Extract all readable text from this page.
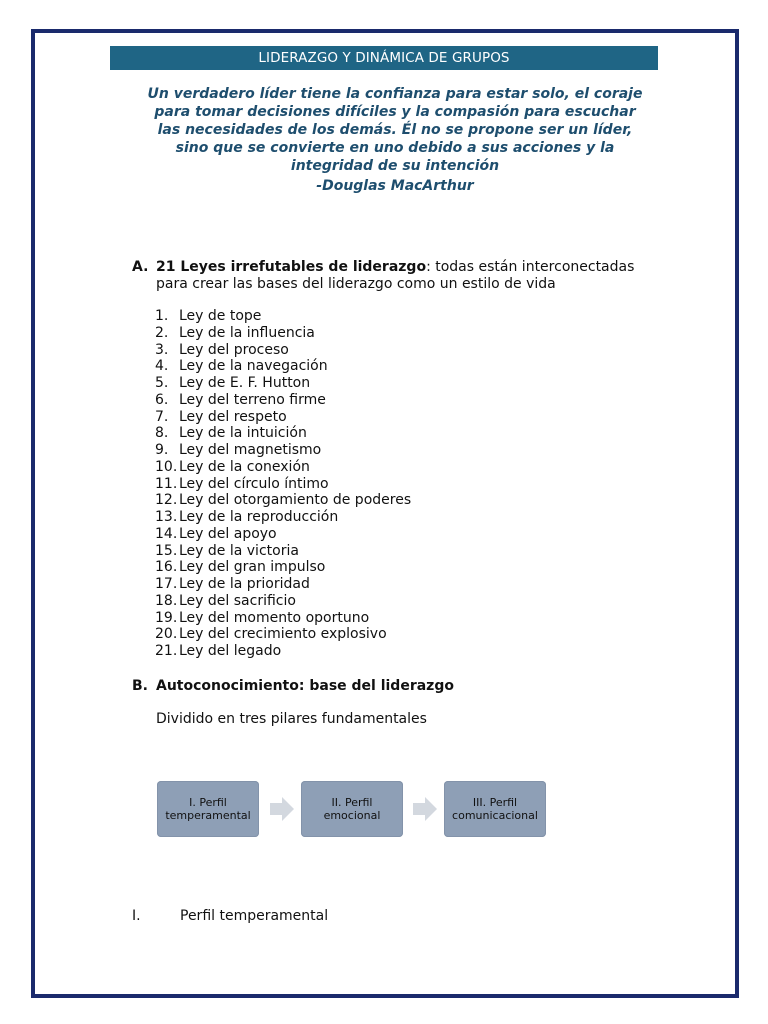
LIDERAZGO Y DINÁMICA DE GRUPOS
Un verdadero líder tiene la confianza para estar solo, el coraje
para tomar decisiones difíciles y la compasión para escuchar
las necesidades de los demás. Él no se propone ser un líder,
sino que se convierte en uno debido a sus acciones y la
integridad de su intención
-Douglas MacArthur
A. 21 Leyes irrefutables de liderazgo: todas están interconectadas
para crear las bases del liderazgo como un estilo de vida
1. Ley de tope
2. Ley de la influencia
3. Ley del proceso
4. Ley de la navegación
5. Ley de E. F. Hutton
6. Ley del terreno firme
7. Ley del respeto
8. Ley de la intuición
9. Ley del magnetismo
10. Ley de la conexión
11. Ley del círculo íntimo
12. Ley del otorgamiento de poderes
13. Ley de la reproducción
14. Ley del apoyo
15. Ley de la victoria
16. Ley del gran impulso
17. Ley de la prioridad
18. Ley del sacrificio
19. Ley del momento oportuno
20. Ley del crecimiento explosivo
21. Ley del legado
B. Autoconocimiento: base del liderazgo
Dividido en tres pilares fundamentales
I. Perfil
temperamental
II. Perfil
emocional
III. Perfil
comunicacional
I.	Perfil temperamental
